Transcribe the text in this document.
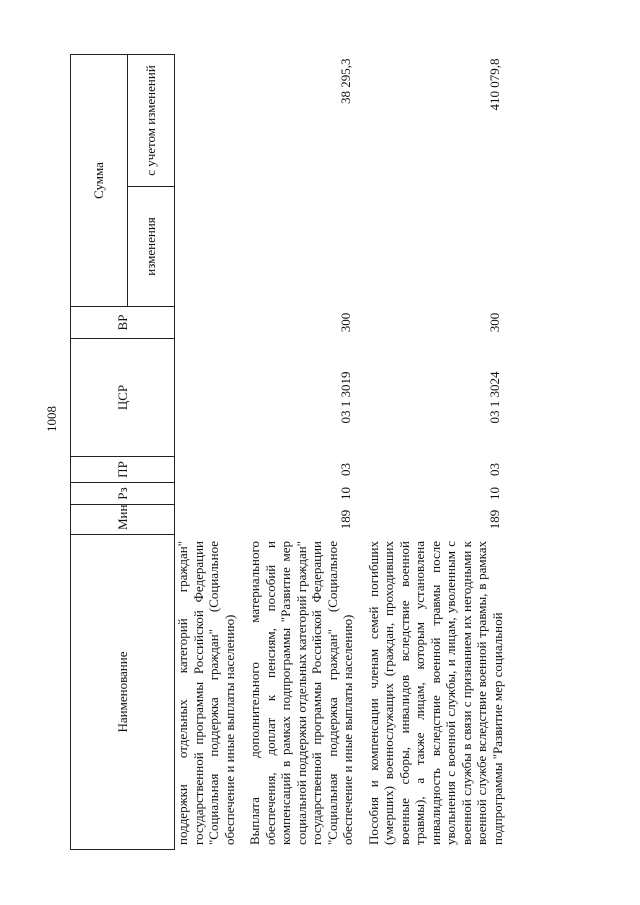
1008
Наименование	Мин	Рз	ПР	ЦСР	ВР	Сумма	
						изменения	с учетом изменений
поддержки отдельных категорий граждан" государственной программы Российской Федерации "Социальная поддержка граждан" (Социальное обеспечение и иные выплаты населению)							
Выплата дополнительного материального обеспечения, доплат к пенсиям, пособий и компенсаций в рамках подпрограммы "Развитие мер социальной поддержки отдельных категорий граждан" государственной программы Российской Федерации "Социальная поддержка граждан" (Социальное обеспечение и иные выплаты населению)	189	10	03	03 1 3019	300		38 295,3
Пособия и компенсации членам семей погибших (умерших) военнослужащих (граждан, проходивших военные сборы, инвалидов вследствие военной травмы), а также лицам, которым установлена инвалидность вследствие военной травмы после увольнения с военной службы, и лицам, уволенным с военной службы в связи с признанием их негодными к военной службе вследствие военной травмы, в рамках подпрограммы "Развитие мер социальной	189	10	03	03 1 3024	300		410 079,8
